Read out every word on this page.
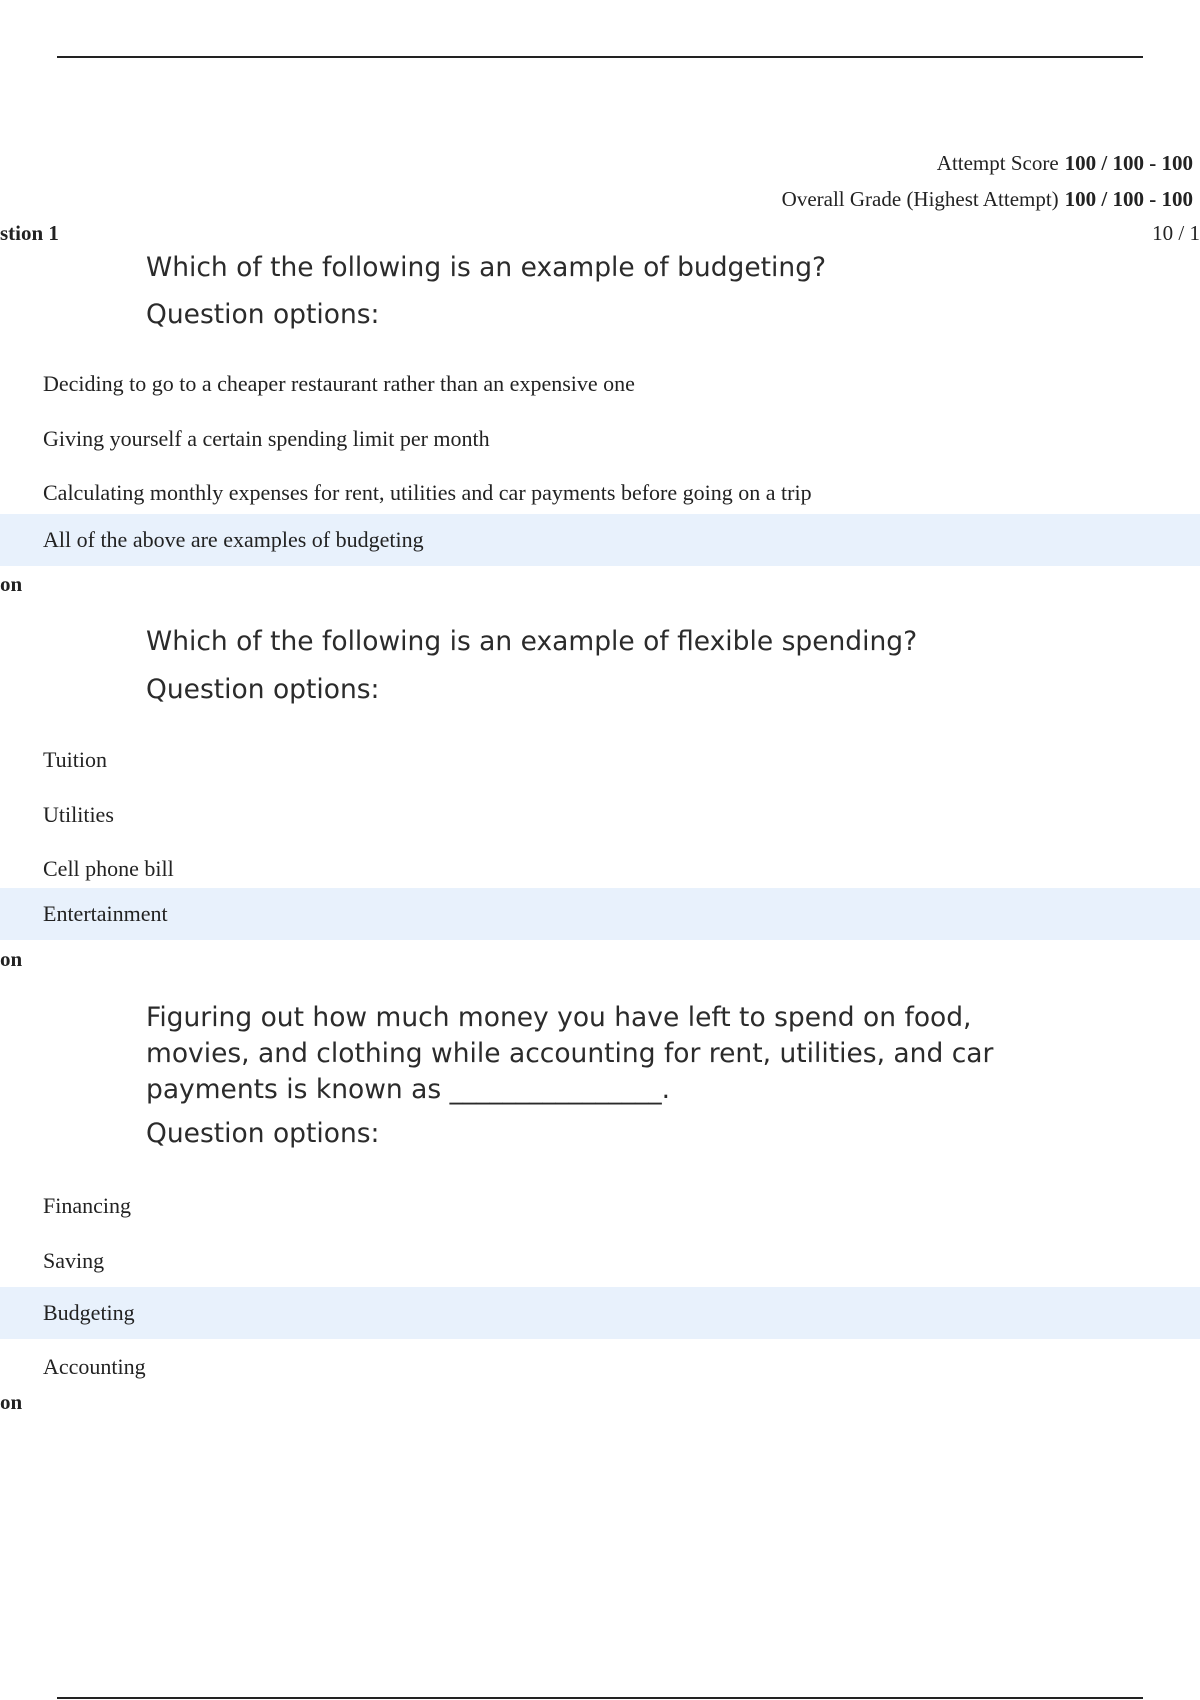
Attempt Score 100 / 100 - 100
Overall Grade (Highest Attempt) 100 / 100 - 100
stion 1	10 / 1
Which of the following is an example of budgeting?
Question options:
Deciding to go to a cheaper restaurant rather than an expensive one
Giving yourself a certain spending limit per month
Calculating monthly expenses for rent, utilities and car payments before going on a trip
All of the above are examples of budgeting
on
Which of the following is an example of flexible spending?
Question options:
Tuition
Utilities
Cell phone bill
Entertainment
on
Figuring out how much money you have left to spend on food, movies, and clothing while accounting for rent, utilities, and car payments is known as ________________.
Question options:
Financing
Saving
Budgeting
Accounting
on
